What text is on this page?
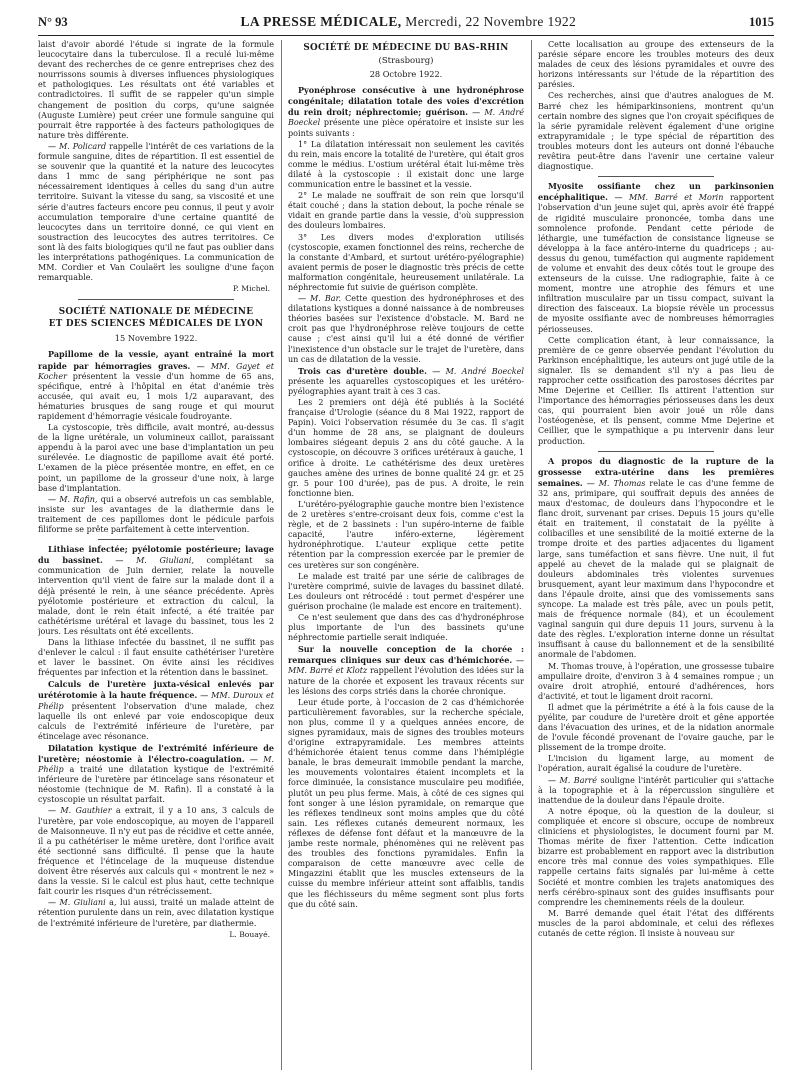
N° 93	LA PRESSE MÉDICALE, Mercredi, 22 Novembre 1922	1015

laist d'avoir abordé l'étude si ingrate de la formule leucocytaire dans la tuberculose. Il a reculé lui-même devant des recherches de ce genre entreprises chez des nourrissons soumis à diverses influences physiologiques et pathologiques. Les résultats ont été variables et contradictoires. Il suffit de se rappeler qu'un simple changement de position du corps, qu'une saignée (Auguste Lumière) peut créer une formule sanguine qui pourrait être rapportée à des facteurs pathologiques de nature très différente.

— M. Policard rappelle l'intérêt de ces variations de la formule sanguine, dites de répartition. Il est essentiel de se souvenir que la quantité et la nature des leucocytes dans 1 mmc de sang périphérique ne sont pas nécessairement identiques à celles du sang d'un autre territoire. Suivant la vitesse du sang, sa viscosité et une série d'autres facteurs encore peu connus, il peut y avoir accumulation temporaire d'une certaine quantité de leucocytes dans un territoire donné, ce qui vient en soustraction des leucocytes des autres territoires. Ce sont là des faits biologiques qu'il ne faut pas oublier dans les interprétations pathogéniques. La communication de MM. Cordier et Van Coulaërt les souligne d'une façon remarquable.

P. Michel.
SOCIÉTÉ NATIONALE DE MÉDECINE
ET DES SCIENCES MÉDICALES DE LYON
15 Novembre 1922.

Papillome de la vessie, ayant entraîné la mort rapide par hémorragies graves. — MM. Gayet et Kocher présentent la vessie d'un homme de 65 ans, spécifique, entré à l'hôpital en état d'anémie très accusée, qui avait eu, 1 mois 1/2 auparavant, des hématuries brusques de sang rouge et qui mourut rapidement d'hémorragie vésicale foudroyante.

La cystoscopie, très difficile, avait montré, au-dessus de la ligne urétérale, un volumineux caillot, paraissant appendu à la paroi avec une base d'implantation un peu surélevée. Le diagnostic de papillome avait été porté. L'examen de la pièce présentée montre, en effet, en ce point, un papillome de la grosseur d'une noix, à large base d'implantation.

— M. Rafin, qui a observé autrefois un cas semblable, insiste sur les avantages de la diathermie dans le traitement de ces papillomes dont le pédicule parfois filiforme se prête parfaitement à cette intervention.

Lithiase infectée; pyélotomie postérieure; lavage du bassinet. — M. Giuliani, complétant sa communication de Juin dernier, relate la nouvelle intervention qu'il vient de faire sur la malade dont il a déjà présenté le rein, à une séance précédente. Après pyélotomie postérieure et extraction du calcul, la malade, dont le rein était infecté, a été traitée par cathétérisme urétéral et lavage du bassinet, tous les 2 jours. Les résultats ont été excellents.

Dans la lithiase infectée du bassinet, il ne suffit pas d'enlever le calcul : il faut ensuite cathétériser l'uretère et laver le bassinet. On évite ainsi les récidives fréquentes par infection et la rétention dans le bassinet.

Calculs de l'uretère juxta-vésical enlevés par urétérotomie à la haute fréquence. — MM. Duroux et Phélip présentent l'observation d'une malade, chez laquelle ils ont enlevé par voie endoscopique deux calculs de l'extrémité inférieure de l'uretère, par étincelage avec résonance.

Dilatation kystique de l'extrémité inférieure de l'uretère; néostomie à l'électro-coagulation. — M. Phélip a traité une dilatation kystique de l'extrémité inférieure de l'uretère par étincelage sans résonateur et néostomie (technique de M. Rafin). Il a constaté à la cystoscopie un résultat parfait.

— M. Gauthier a extrait, il y a 10 ans, 3 calculs de l'uretère, par voie endoscopique, au moyen de l'appareil de Maisonneuve. Il n'y eut pas de récidive et cette année, il a pu cathétériser le même uretère, dont l'orifice avait été sectionné sans difficulté. Il pense que la haute fréquence et l'étincelage de la muqueuse distendue doivent être réservés aux calculs qui « montrent le nez » dans la vessie. Si le calcul est plus haut, cette technique fait courir les risques d'un rétrécissement.

— M. Giuliani a, lui aussi, traité un malade atteint de rétention purulente dans un rein, avec dilatation kystique de l'extrémité inférieure de l'uretère, par diathermie.

L. Bouayé.
SOCIÉTÉ DE MÉDECINE DU BAS-RHIN
(Strasbourg)
28 Octobre 1922.

Pyonéphrose consécutive à une hydronéphrose congénitale; dilatation totale des voies d'excrétion du rein droit; néphrectomie; guérison. — M. André Boeckel présente une pièce opératoire et insiste sur les points suivants :

1° La dilatation intéressait non seulement les cavités du rein, mais encore la totalité de l'uretère, qui était gros comme le médius. L'ostium urétéral était lui-même très dilaté à la cystoscopie : il existait donc une large communication entre le bassinet et la vessie.

2° Le malade ne souffrait de son rein que lorsqu'il était couché ; dans la station debout, la poche rénale se vidait en grande partie dans la vessie, d'où suppression des douleurs lombaires.

3° Les divers modes d'exploration utilisés (cystoscopie, examen fonctionnel des reins, recherche de la constante d'Ambard, et surtout urétéro-pyélographie) avaient permis de poser le diagnostic très précis de cette malformation congénitale, heureusement unilatérale. La néphrectomie fut suivie de guérison complète.

— M. Bar. Cette question des hydronéphroses et des dilatations kystiques a donné naissance à de nombreuses théories basées sur l'existence d'obstacle. M. Bard ne croit pas que l'hydronéphrose relève toujours de cette cause ; c'est ainsi qu'il lui a été donné de vérifier l'inexistence d'un obstacle sur le trajet de l'uretère, dans un cas de dilatation de la vessie.

Trois cas d'uretère double. — M. André Boeckel présente les aquarelles cystoscopiques et les urétéro-pyélographies ayant trait à ces 3 cas.

Les 2 premiers ont déjà été publiés à la Société française d'Urologie (séance du 8 Mai 1922, rapport de Papin). Voici l'observation résumée du 3e cas. Il s'agit d'un homme de 28 ans, se plaignant de douleurs lombaires siégeant depuis 2 ans du côté gauche. A la cystoscopie, on découvre 3 orifices urétéraux à gauche, 1 orifice à droite. Le cathétérisme des deux uretères gauches amène des urines de bonne qualité 24 gr. et 25 gr. 5 pour 100 d'urée), pas de pus. A droite, le rein fonctionne bien.

L'urétéro-pyélographie gauche montre bien l'existence de 2 uretères s'entre-croisant deux fois, comme c'est la règle, et de 2 bassinets : l'un supéro-interne de faible capacité, l'autre inféro-externe, légèrement hydronéphrotique. L'auteur explique cette petite rétention par la compression exercée par le premier de ces uretères sur son congénère.

Le malade est traité par une série de calibrages de l'uretère comprimé, suivie de lavages du bassinet dilaté. Les douleurs ont rétrocédé : tout permet d'espérer une guérison prochaine (le malade est encore en traitement).

Ce n'est seulement que dans des cas d'hydronéphrose plus importante de l'un des bassinets qu'une néphrectomie partielle serait indiquée.

Sur la nouvelle conception de la chorée : remarques cliniques sur deux cas d'hémichorée. — MM. Barré et Klotz rappellent l'évolution des idées sur la nature de la chorée et exposent les travaux récents sur les lésions des corps striés dans la chorée chronique.

Leur étude porte, à l'occasion de 2 cas d'hémichorée particulièrement favorables, sur la recherche spéciale, non plus, comme il y a quelques années encore, de signes pyramidaux, mais de signes des troubles moteurs d'origine extrapyramidale. Les membres atteints d'hémichorée étaient tenus comme dans l'hémiplégie banale, le bras demeurait immobile pendant la marche, les mouvements volontaires étaient incomplets et la force diminuée, la consistance musculaire peu modifiée, plutôt un peu plus ferme. Mais, à côté de ces signes qui font songer à une lésion pyramidale, on remarque que les réflexes tendineux sont moins amples que du côté sain. Les réflexes cutanés demeurent normaux, les réflexes de défense font défaut et la manœuvre de la jambe reste normale, phénomènes qui ne relèvent pas des troubles des fonctions pyramidales. Enfin la comparaison de cette manœuvre avec celle de Mingazzini établit que les muscles extenseurs de la cuisse du membre inférieur atteint sont affaiblis, tandis que les fléchisseurs du même segment sont plus forts que du côté sain.

Cette localisation au groupe des extenseurs de la parésie sépare encore les troubles moteurs des deux malades de ceux des lésions pyramidales et ouvre des horizons intéressants sur l'étude de la répartition des parésies.

Ces recherches, ainsi que d'autres analogues de M. Barré chez les hémiparkinsoniens, montrent qu'un certain nombre des signes que l'on croyait spécifiques de la série pyramidale relèvent également d'une origine extrapyramidale ; le type spécial de répartition des troubles moteurs dont les auteurs ont donné l'ébauche revêtira peut-être dans l'avenir une certaine valeur diagnostique.

Myosite ossifiante chez un parkinsonien encéphalitique. — MM. Barré et Morin rapportent l'observation d'un jeune sujet qui, après avoir été frappé de rigidité musculaire prononcée, tomba dans une somnolence profonde. Pendant cette période de léthargie, une tuméfaction de consistance ligneuse se développa à la face antéro-interne du quadriceps ; au-dessus du genou, tuméfaction qui augmente rapidement de volume et envahit des deux côtés tout le groupe des extenseurs de la cuisse. Une radiographie, faite à ce moment, montre une atrophie des fémurs et une infiltration musculaire par un tissu compact, suivant la direction des faisceaux. La biopsie révèle un processus de myosite ossifiante avec de nombreuses hémorragies périosseuses.

Cette complication étant, à leur connaissance, la première de ce genre observée pendant l'évolution du Parkinson encéphalitique, les auteurs ont jugé utile de la signaler. Ils se demandent s'il n'y a pas lieu de rapprocher cette ossification des parostoses décrites par Mme Dejerine et Ceillier. Ils attirent l'attention sur l'importance des hémorragies périosseuses dans les deux cas, qui pourraient bien avoir joué un rôle dans l'ostéogenèse, et ils pensent, comme Mme Dejerine et Ceillier, que le sympathique a pu intervenir dans leur production.

A propos du diagnostic de la rupture de la grossesse extra-utérine dans les premières semaines. — M. Thomas relate le cas d'une femme de 32 ans, primipare, qui souffrait depuis des années de maux d'estomac, de douleurs dans l'hypocondre et le flanc droit, survenant par crises. Depuis 15 jours qu'elle était en traitement, il constatait de la pyélite à colibacilles et une sensibilité de la moitié externe de la trompe droite et des parties adjacentes du ligament large, sans tuméfaction et sans fièvre. Une nuit, il fut appelé au chevet de la malade qui se plaignait de douleurs abdominales très violentes survenues brusquement, ayant leur maximum dans l'hypocondre et dans l'épaule droite, ainsi que des vomissements sans syncope. La malade est très pâle, avec un pouls petit, mais de fréquence normale (84), et un écoulement vaginal sanguin qui dure depuis 11 jours, survenu à la date des règles. L'exploration interne donne un résultat insuffisant à cause du ballonnement et de la sensibilité anormale de l'abdomen.

M. Thomas trouve, à l'opération, une grossesse tubaire ampullaire droite, d'environ 3 à 4 semaines rompue ; un ovaire droit atrophié, entouré d'adhérences, hors d'activité, et tout le ligament droit racorni.

Il admet que la périmétrite a été à la fois cause de la pyélite, par coudure de l'uretère droit et gêne apportée dans l'évacuation des urines, et de la nidation anormale de l'ovule fécondé provenant de l'ovaire gauche, par le plissement de la trompe droite.

L'incision du ligament large, au moment de l'opération, aurait égalisé la coudure de l'uretère.

— M. Barré souligne l'intérêt particulier qui s'attache à la topographie et à la répercussion singulière et inattendue de la douleur dans l'épaule droite.

A notre époque, où la question de la douleur, si compliquée et encore si obscure, occupe de nombreux cliniciens et physiologistes, le document fourni par M. Thomas mérite de fixer l'attention. Cette indication bizarre est probablement en rapport avec la distribution encore très mal connue des voies sympathiques. Elle rappelle certains faits signalés par lui-même à cette Société et montre combien les trajets anatomiques des nerfs cérébro-spinaux sont des guides insuffisants pour comprendre les cheminements réels de la douleur.

M. Barré demande quel était l'état des différents muscles de la paroi abdominale, et celui des réflexes cutanés de cette région. Il insiste à nouveau sur
